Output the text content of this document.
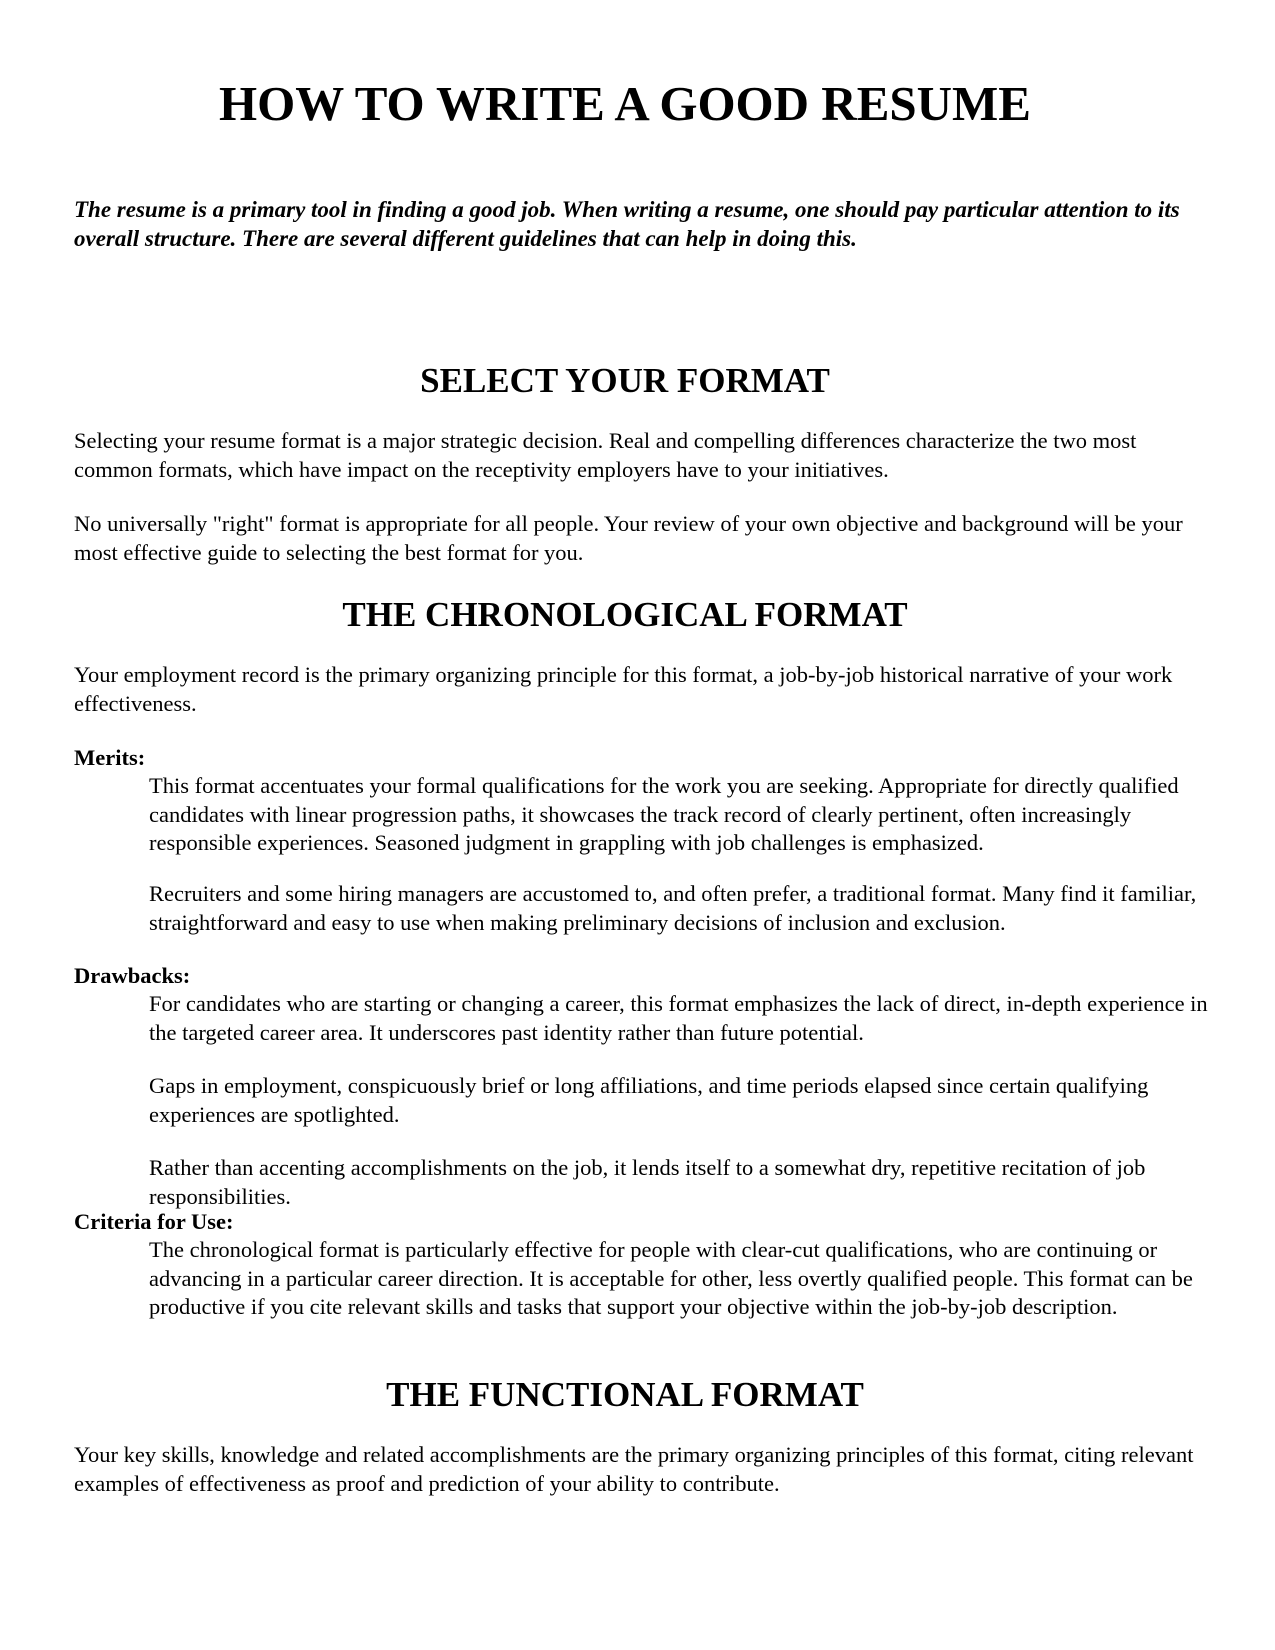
HOW TO WRITE A GOOD RESUME

The resume is a primary tool in finding a good job. When writing a resume, one should pay particular attention to its overall structure. There are several different guidelines that can help in doing this.

SELECT YOUR FORMAT

Selecting your resume format is a major strategic decision. Real and compelling differences characterize the two most common formats, which have impact on the receptivity employers have to your initiatives.

No universally "right" format is appropriate for all people. Your review of your own objective and background will be your most effective guide to selecting the best format for you.

THE CHRONOLOGICAL FORMAT

Your employment record is the primary organizing principle for this format, a job-by-job historical narrative of your work effectiveness.

Merits:

This format accentuates your formal qualifications for the work you are seeking. Appropriate for directly qualified candidates with linear progression paths, it showcases the track record of clearly pertinent, often increasingly responsible experiences. Seasoned judgment in grappling with job challenges is emphasized.

Recruiters and some hiring managers are accustomed to, and often prefer, a traditional format. Many find it familiar, straightforward and easy to use when making preliminary decisions of inclusion and exclusion.

Drawbacks:

For candidates who are starting or changing a career, this format emphasizes the lack of direct, in-depth experience in the targeted career area. It underscores past identity rather than future potential.

Gaps in employment, conspicuously brief or long affiliations, and time periods elapsed since certain qualifying experiences are spotlighted.

Rather than accenting accomplishments on the job, it lends itself to a somewhat dry, repetitive recitation of job responsibilities.

Criteria for Use:

The chronological format is particularly effective for people with clear-cut qualifications, who are continuing or advancing in a particular career direction. It is acceptable for other, less overtly qualified people. This format can be productive if you cite relevant skills and tasks that support your objective within the job-by-job description.

THE FUNCTIONAL FORMAT

Your key skills, knowledge and related accomplishments are the primary organizing principles of this format, citing relevant examples of effectiveness as proof and prediction of your ability to contribute.
